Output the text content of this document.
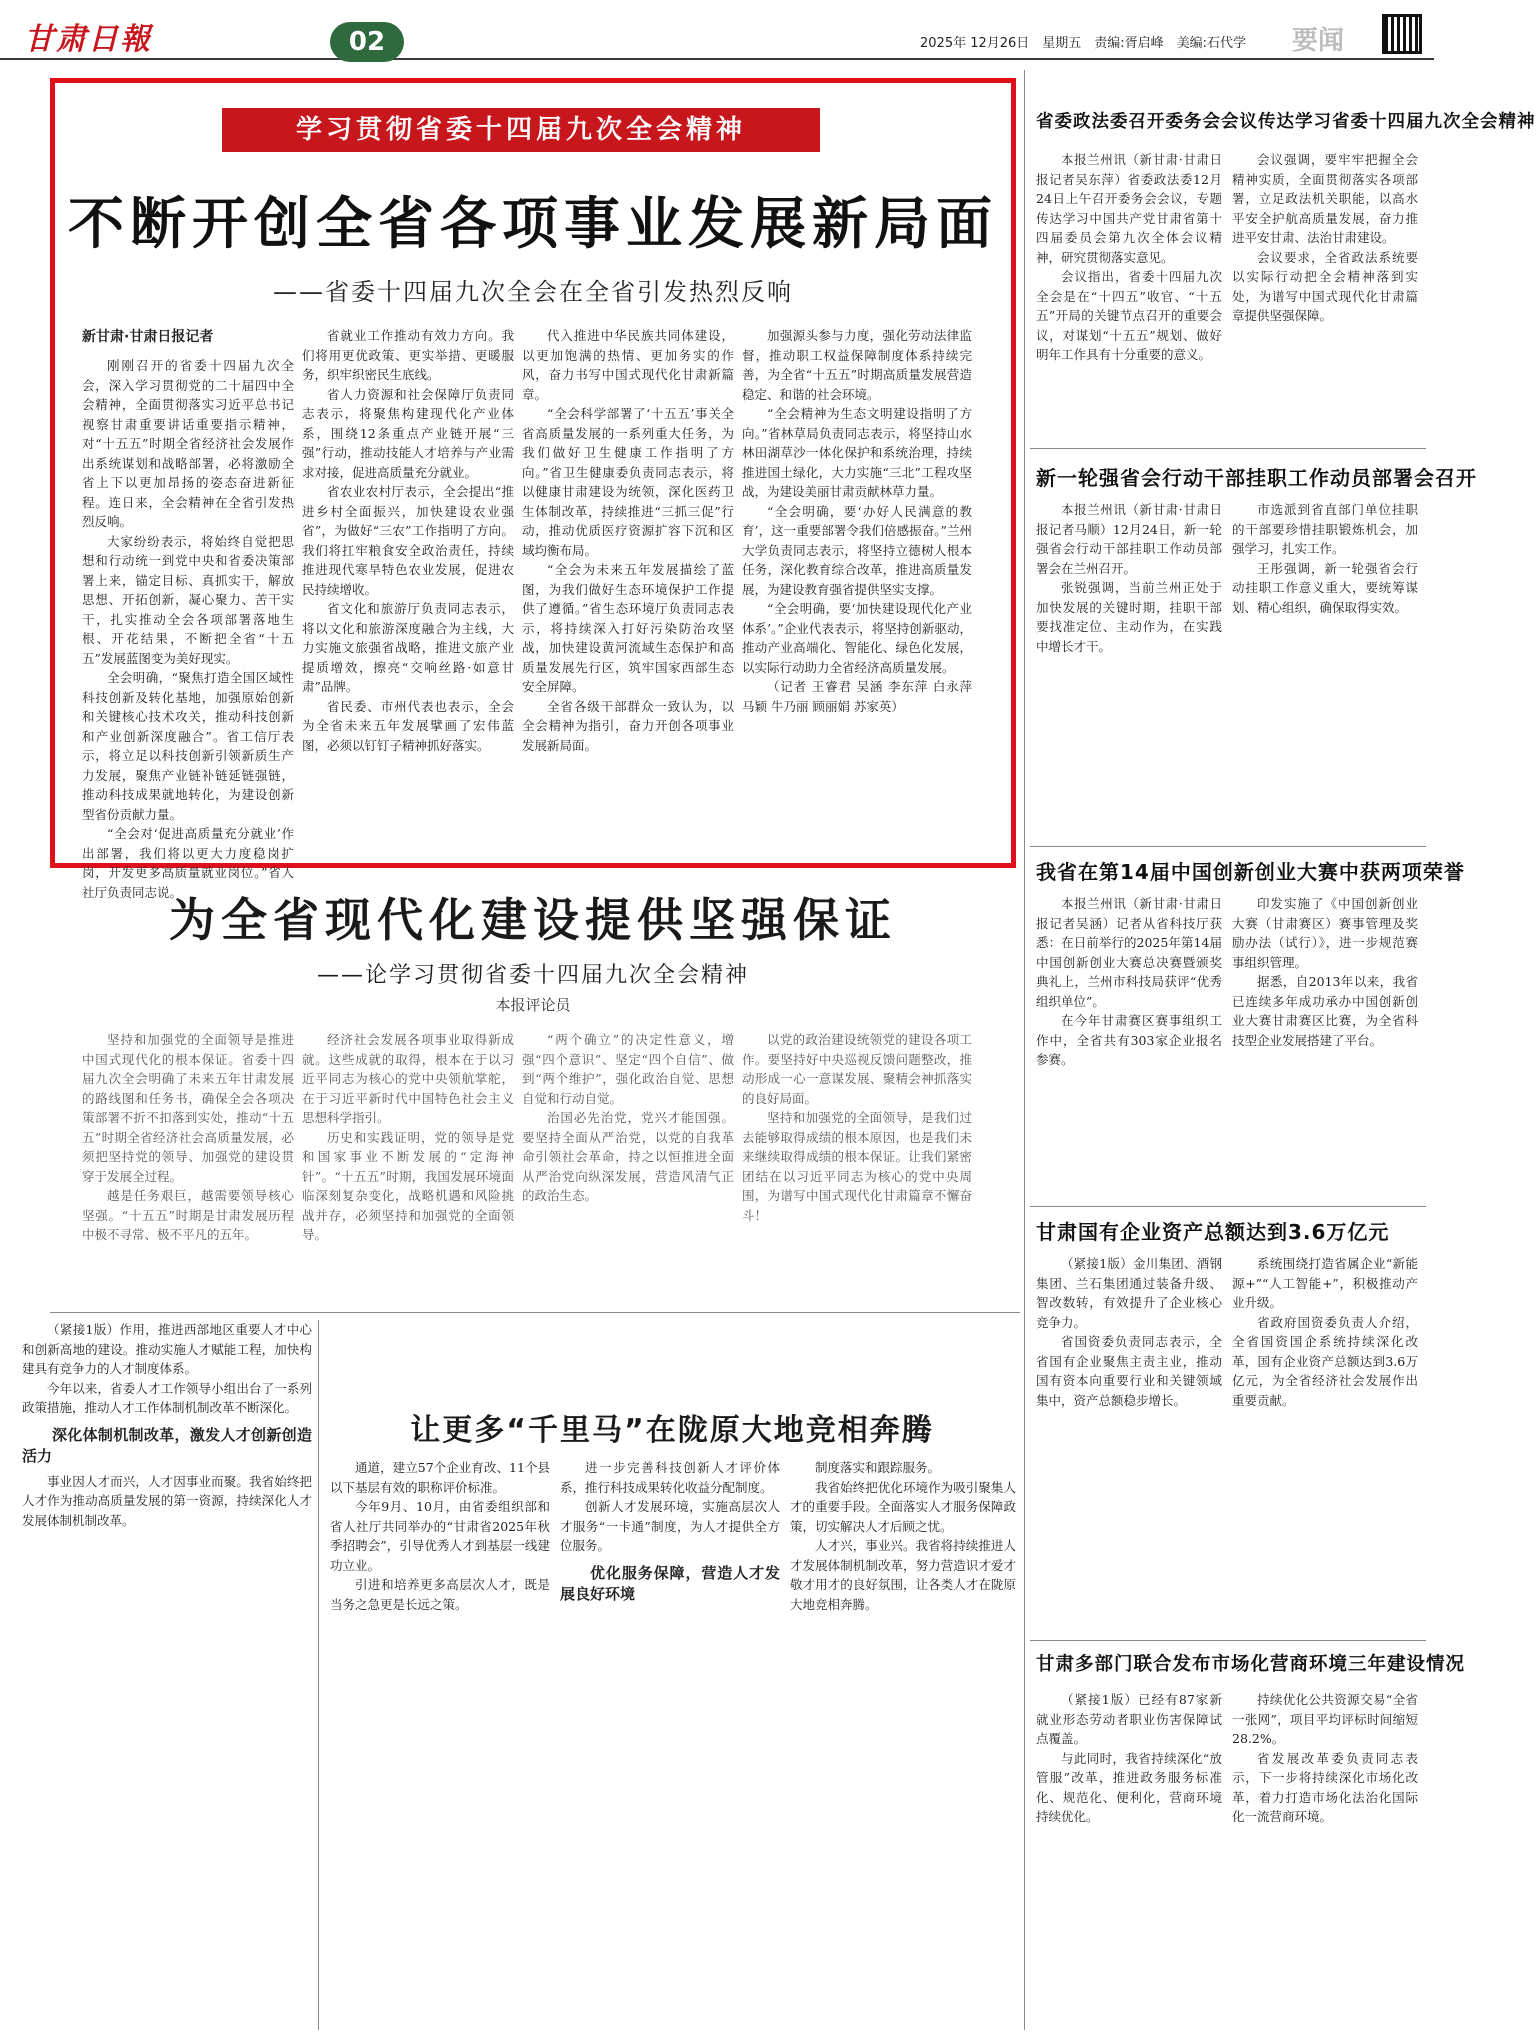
甘肃日報	02	2025年 12月26日　星期五　责编:胥启峰　美编:石代学 要闻
学习贯彻省委十四届九次全会精神
不断开创全省各项事业发展新局面
——省委十四届九次全会在全省引发热烈反响

新甘肃·甘肃日报记者

刚刚召开的省委十四届九次全会，深入学习贯彻党的二十届四中全会精神，全面贯彻落实习近平总书记视察甘肃重要讲话重要指示精神，对“十五五”时期全省经济社会发展作出系统谋划和战略部署，必将激励全省上下以更加昂扬的姿态奋进新征程。连日来，全会精神在全省引发热烈反响。

大家纷纷表示，将始终自觉把思想和行动统一到党中央和省委决策部署上来，锚定目标、真抓实干，解放思想、开拓创新，凝心聚力、苦干实干，扎实推动全会各项部署落地生根、开花结果，不断把全省“十五五”发展蓝图变为美好现实。

全会明确，“聚焦打造全国区域性科技创新及转化基地，加强原始创新和关键核心技术攻关，推动科技创新和产业创新深度融合”。省工信厅表示，将立足以科技创新引领新质生产力发展，聚焦产业链补链延链强链，推动科技成果就地转化，为建设创新型省份贡献力量。

“全会对‘促进高质量充分就业’作出部署，我们将以更大力度稳岗扩岗，开发更多高质量就业岗位。”省人社厅负责同志说。

省就业工作推动有效力方向。我们将用更优政策、更实举措、更暖服务，织牢织密民生底线。

省人力资源和社会保障厅负责同志表示，将聚焦构建现代化产业体系，围绕12条重点产业链开展“三强”行动，推动技能人才培养与产业需求对接，促进高质量充分就业。

省农业农村厅表示，全会提出“推进乡村全面振兴，加快建设农业强省”，为做好“三农”工作指明了方向。我们将扛牢粮食安全政治责任，持续推进现代寒旱特色农业发展，促进农民持续增收。

省文化和旅游厅负责同志表示，将以文化和旅游深度融合为主线，大力实施文旅强省战略，推进文旅产业提质增效，擦亮“交响丝路·如意甘肃”品牌。

省民委、市州代表也表示，全会为全省未来五年发展擘画了宏伟蓝图，必须以钉钉子精神抓好落实。

代入推进中华民族共同体建设，以更加饱满的热情、更加务实的作风，奋力书写中国式现代化甘肃新篇章。

“全会科学部署了‘十五五’事关全省高质量发展的一系列重大任务，为我们做好卫生健康工作指明了方向。”省卫生健康委负责同志表示，将以健康甘肃建设为统领，深化医药卫生体制改革，持续推进“三抓三促”行动，推动优质医疗资源扩容下沉和区域均衡布局。

“全会为未来五年发展描绘了蓝图，为我们做好生态环境保护工作提供了遵循。”省生态环境厅负责同志表示，将持续深入打好污染防治攻坚战，加快建设黄河流域生态保护和高质量发展先行区，筑牢国家西部生态安全屏障。

全省各级干部群众一致认为，以全会精神为指引，奋力开创各项事业发展新局面。

加强源头参与力度，强化劳动法律监督，推动职工权益保障制度体系持续完善，为全省“十五五”时期高质量发展营造稳定、和谐的社会环境。

“全会精神为生态文明建设指明了方向。”省林草局负责同志表示，将坚持山水林田湖草沙一体化保护和系统治理，持续推进国土绿化，大力实施“三北”工程攻坚战，为建设美丽甘肃贡献林草力量。

“全会明确，要‘办好人民满意的教育’，这一重要部署令我们倍感振奋。”兰州大学负责同志表示，将坚持立德树人根本任务，深化教育综合改革，推进高质量发展，为建设教育强省提供坚实支撑。

“全会明确，要‘加快建设现代化产业体系’。”企业代表表示，将坚持创新驱动，推动产业高端化、智能化、绿色化发展，以实际行动助力全省经济高质量发展。

（记者 王睿君 吴涵 李东萍 白永萍 马颖 牛乃丽 顾丽娟 苏家英）

为全省现代化建设提供坚强保证
——论学习贯彻省委十四届九次全会精神
本报评论员

坚持和加强党的全面领导是推进中国式现代化的根本保证。省委十四届九次全会明确了未来五年甘肃发展的路线图和任务书，确保全会各项决策部署不折不扣落到实处，推动“十五五”时期全省经济社会高质量发展，必须把坚持党的领导、加强党的建设贯穿于发展全过程。

越是任务艰巨，越需要领导核心坚强。“十五五”时期是甘肃发展历程中极不寻常、极不平凡的五年。

经济社会发展各项事业取得新成就。这些成就的取得，根本在于以习近平同志为核心的党中央领航掌舵，在于习近平新时代中国特色社会主义思想科学指引。

历史和实践证明，党的领导是党和国家事业不断发展的“定海神针”。“十五五”时期，我国发展环境面临深刻复杂变化，战略机遇和风险挑战并存，必须坚持和加强党的全面领导。

“两个确立”的决定性意义，增强“四个意识”、坚定“四个自信”、做到“两个维护”，强化政治自觉、思想自觉和行动自觉。

治国必先治党，党兴才能国强。要坚持全面从严治党，以党的自我革命引领社会革命，持之以恒推进全面从严治党向纵深发展，营造风清气正的政治生态。

以党的政治建设统领党的建设各项工作。要坚持好中央巡视反馈问题整改，推动形成一心一意谋发展、聚精会神抓落实的良好局面。

坚持和加强党的全面领导，是我们过去能够取得成绩的根本原因，也是我们未来继续取得成绩的根本保证。让我们紧密团结在以习近平同志为核心的党中央周围，为谱写中国式现代化甘肃篇章不懈奋斗！

省委政法委召开委务会会议传达学习省委十四届九次全会精神

本报兰州讯（新甘肃·甘肃日报记者吴东萍）省委政法委12月24日上午召开委务会会议，专题传达学习中国共产党甘肃省第十四届委员会第九次全体会议精神，研究贯彻落实意见。

会议指出，省委十四届九次全会是在“十四五”收官、“十五五”开局的关键节点召开的重要会议，对谋划“十五五”规划、做好明年工作具有十分重要的意义。

会议强调，要牢牢把握全会精神实质，全面贯彻落实各项部署，立足政法机关职能，以高水平安全护航高质量发展，奋力推进平安甘肃、法治甘肃建设。

会议要求，全省政法系统要以实际行动把全会精神落到实处，为谱写中国式现代化甘肃篇章提供坚强保障。

新一轮强省会行动干部挂职工作动员部署会召开

本报兰州讯（新甘肃·甘肃日报记者马顺）12月24日，新一轮强省会行动干部挂职工作动员部署会在兰州召开。

张锐强调，当前兰州正处于加快发展的关键时期，挂职干部要找准定位、主动作为，在实践中增长才干。

市选派到省直部门单位挂职的干部要珍惜挂职锻炼机会，加强学习，扎实工作。

王彤强调，新一轮强省会行动挂职工作意义重大，要统筹谋划、精心组织，确保取得实效。

我省在第14届中国创新创业大赛中获两项荣誉

本报兰州讯（新甘肃·甘肃日报记者吴涵）记者从省科技厅获悉：在日前举行的2025年第14届中国创新创业大赛总决赛暨颁奖典礼上，兰州市科技局获评“优秀组织单位”。

在今年甘肃赛区赛事组织工作中，全省共有303家企业报名参赛。

印发实施了《中国创新创业大赛（甘肃赛区）赛事管理及奖励办法（试行）》，进一步规范赛事组织管理。

据悉，自2013年以来，我省已连续多年成功承办中国创新创业大赛甘肃赛区比赛，为全省科技型企业发展搭建了平台。

甘肃国有企业资产总额达到3.6万亿元

（紧接1版）金川集团、酒钢集团、兰石集团通过装备升级、智改数转，有效提升了企业核心竞争力。

省国资委负责同志表示，全省国有企业聚焦主责主业，推动国有资本向重要行业和关键领域集中，资产总额稳步增长。

系统围绕打造省属企业“新能源+”“人工智能+”，积极推动产业升级。

省政府国资委负责人介绍，全省国资国企系统持续深化改革，国有企业资产总额达到3.6万亿元，为全省经济社会发展作出重要贡献。

甘肃多部门联合发布市场化营商环境三年建设情况

（紧接1版）已经有87家新就业形态劳动者职业伤害保障试点覆盖。

与此同时，我省持续深化“放管服”改革，推进政务服务标准化、规范化、便利化，营商环境持续优化。

持续优化公共资源交易“全省一张网”，项目平均评标时间缩短28.2%。

省发展改革委负责同志表示，下一步将持续深化市场化改革，着力打造市场化法治化国际化一流营商环境。

（紧接1版）作用，推进西部地区重要人才中心和创新高地的建设。推动实施人才赋能工程，加快构建具有竞争力的人才制度体系。

今年以来，省委人才工作领导小组出台了一系列政策措施，推动人才工作体制机制改革不断深化。

深化体制机制改革，激发人才创新创造活力

事业因人才而兴，人才因事业而聚。我省始终把人才作为推动高质量发展的第一资源，持续深化人才发展体制机制改革。

让更多“千里马”在陇原大地竞相奔腾

通道，建立57个企业育改、11个县以下基层有效的职称评价标准。

今年9月、10月，由省委组织部和省人社厅共同举办的“甘肃省2025年秋季招聘会”，引导优秀人才到基层一线建功立业。

引进和培养更多高层次人才，既是当务之急更是长远之策。

进一步完善科技创新人才评价体系，推行科技成果转化收益分配制度。

创新人才发展环境，实施高层次人才服务“一卡通”制度，为人才提供全方位服务。

优化服务保障，营造人才发展良好环境

制度落实和跟踪服务。

我省始终把优化环境作为吸引聚集人才的重要手段。全面落实人才服务保障政策，切实解决人才后顾之忧。

人才兴，事业兴。我省将持续推进人才发展体制机制改革，努力营造识才爱才敬才用才的良好氛围，让各类人才在陇原大地竞相奔腾。
